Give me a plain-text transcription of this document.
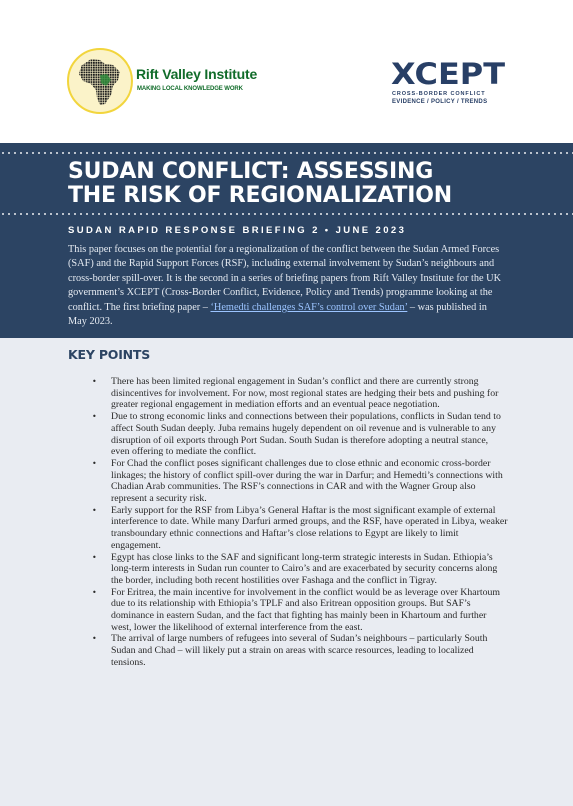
Rift Valley Institute
MAKING LOCAL KNOWLEDGE WORK	XCEPT
CROSS-BORDER CONFLICT
EVIDENCE / POLICY / TRENDS
SUDAN CONFLICT: ASSESSING
THE RISK OF REGIONALIZATION
SUDAN RAPID RESPONSE BRIEFING 2 • JUNE 2023

This paper focuses on the potential for a regionalization of the conflict between the Sudan Armed Forces (SAF) and the Rapid Support Forces (RSF), including external involvement by Sudan’s neighbours and cross-border spill-over. It is the second in a series of briefing papers from Rift Valley Institute for the UK government’s XCEPT (Cross-Border Conflict, Evidence, Policy and Trends) programme looking at the conflict. The first briefing paper – ‘Hemedti challenges SAF’s control over Sudan’ – was published in May 2023.

KEY POINTS
• There has been limited regional engagement in Sudan’s conflict and there are currently strong disincentives for involvement. For now, most regional states are hedging their bets and pushing for greater regional engagement in mediation efforts and an eventual peace negotiation.
• Due to strong economic links and connections between their populations, conflicts in Sudan tend to affect South Sudan deeply. Juba remains hugely dependent on oil revenue and is vulnerable to any disruption of oil exports through Port Sudan. South Sudan is therefore adopting a neutral stance, even offering to mediate the conflict.
• For Chad the conflict poses significant challenges due to close ethnic and economic cross-border linkages; the history of conflict spill-over during the war in Darfur; and Hemedti’s connections with Chadian Arab communities. The RSF’s connections in CAR and with the Wagner Group also represent a security risk.
• Early support for the RSF from Libya’s General Haftar is the most significant example of external interference to date. While many Darfuri armed groups, and the RSF, have operated in Libya, weaker transboundary ethnic connections and Haftar’s close relations to Egypt are likely to limit engagement.
• Egypt has close links to the SAF and significant long-term strategic interests in Sudan. Ethiopia’s long-term interests in Sudan run counter to Cairo’s and are exacerbated by security concerns along the border, including both recent hostilities over Fashaga and the conflict in Tigray.
• For Eritrea, the main incentive for involvement in the conflict would be as leverage over Khartoum due to its relationship with Ethiopia’s TPLF and also Eritrean opposition groups. But SAF’s dominance in eastern Sudan, and the fact that fighting has mainly been in Khartoum and further west, lower the likelihood of external interference from the east.
• The arrival of large numbers of refugees into several of Sudan’s neighbours – particularly South Sudan and Chad – will likely put a strain on areas with scarce resources, leading to localized tensions.
